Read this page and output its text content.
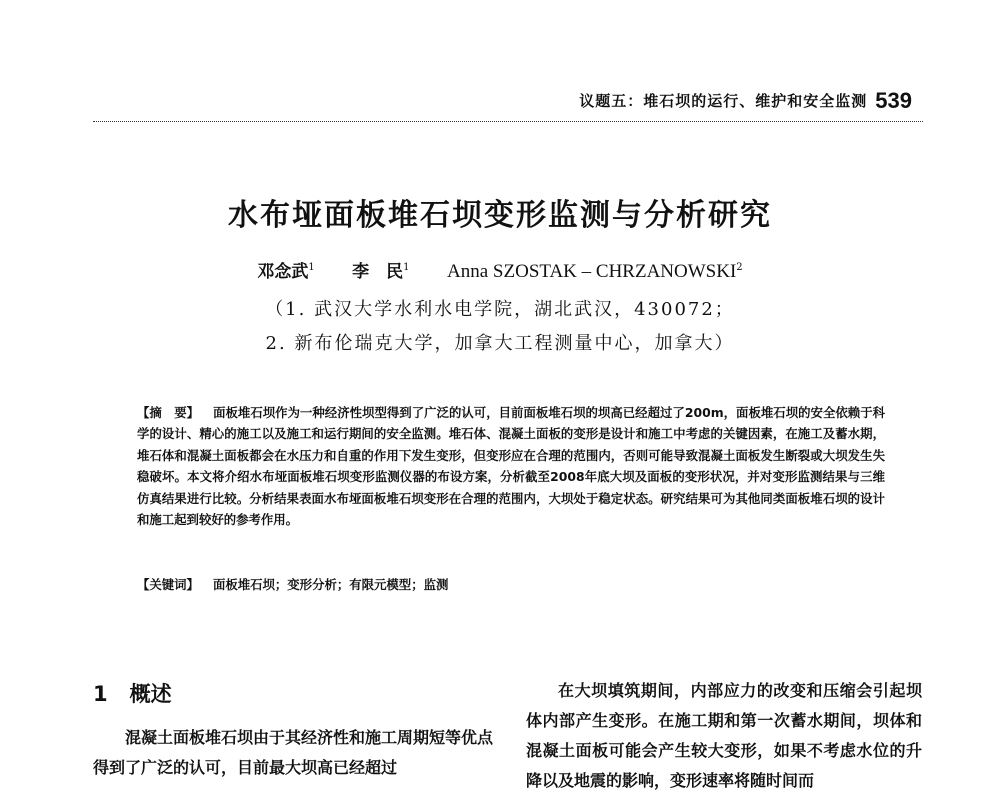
议题五：堆石坝的运行、维护和安全监测 539
水布垭面板堆石坝变形监测与分析研究
邓念武$^1$ 李　民$^1$ Anna SZOSTAK – CHRZANOWSKI$^2$
（1. 武汉大学水利水电学院，湖北武汉，430072；
2. 新布伦瑞克大学，加拿大工程测量中心，加拿大）
【摘　要】 面板堆石坝作为一种经济性坝型得到了广泛的认可，目前面板堆石坝的坝高已经超过了200m，面板堆石坝的安全依赖于科学的设计、精心的施工以及施工和运行期间的安全监测。堆石体、混凝土面板的变形是设计和施工中考虑的关键因素，在施工及蓄水期，堆石体和混凝土面板都会在水压力和自重的作用下发生变形，但变形应在合理的范围内，否则可能导致混凝土面板发生断裂或大坝发生失稳破坏。本文将介绍水布垭面板堆石坝变形监测仪器的布设方案，分析截至2008年底大坝及面板的变形状况，并对变形监测结果与三维仿真结果进行比较。分析结果表面水布垭面板堆石坝变形在合理的范围内，大坝处于稳定状态。研究结果可为其他同类面板堆石坝的设计和施工起到较好的参考作用。
【关键词】 面板堆石坝；变形分析；有限元模型；监测
1 概述
混凝土面板堆石坝由于其经济性和施工周期短等优点得到了广泛的认可，目前最大坝高已经超过
在大坝填筑期间，内部应力的改变和压缩会引起坝体内部产生变形。在施工期和第一次蓄水期间，坝体和混凝土面板可能会产生较大变形，如果不考虑水位的升降以及地震的影响，变形速率将随时间而
